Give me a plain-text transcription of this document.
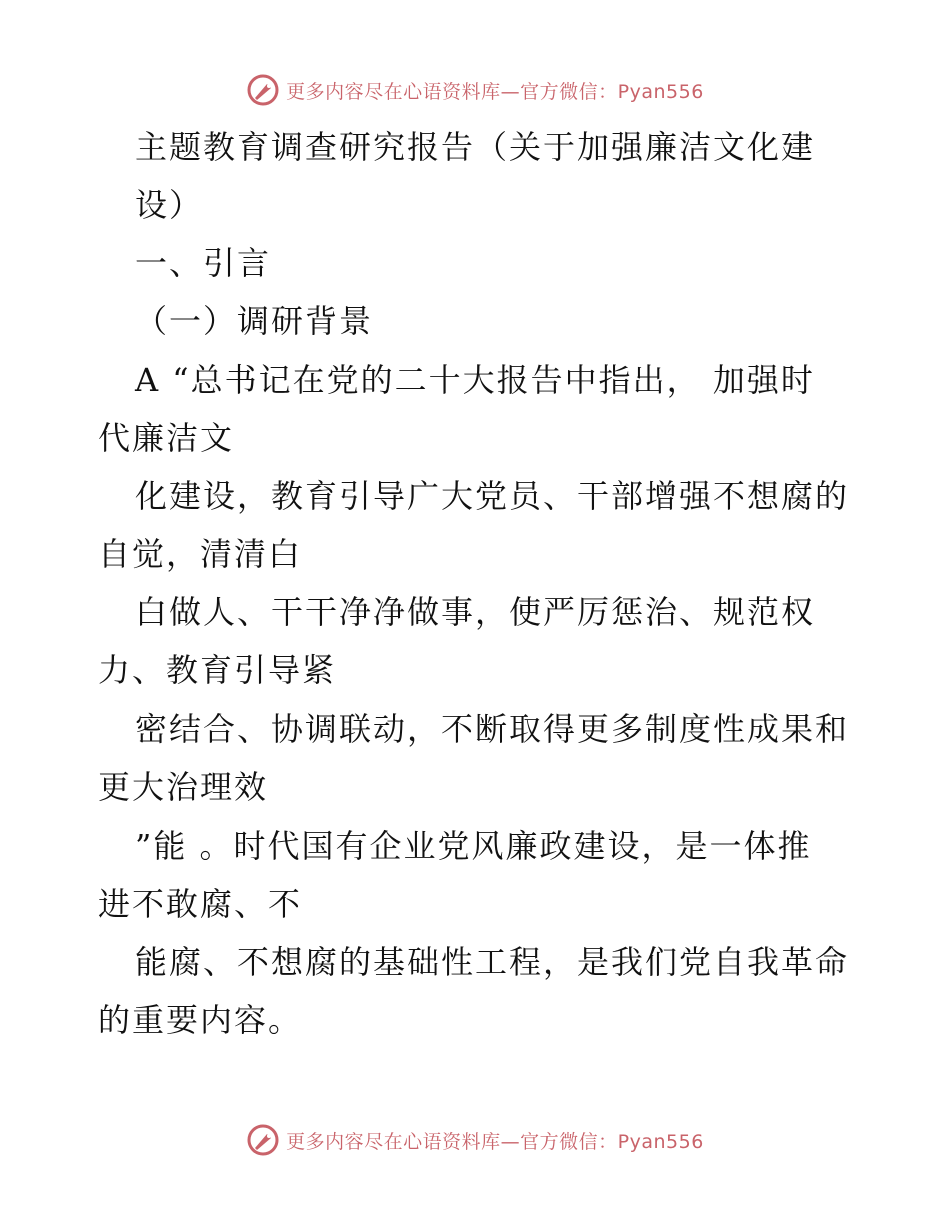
更多内容尽在心语资料库—官方微信：Pyan556
主题教育调查研究报告（关于加强廉洁文化建
设）
一、引言
（一）调研背景
A “总书记在党的二十大报告中指出， 加强时
代廉洁文
化建设，教育引导广大党员、干部增强不想腐的
自觉，清清白
白做人、干干净净做事，使严厉惩治、规范权
力、教育引导紧
密结合、协调联动，不断取得更多制度性成果和
更大治理效
”能 。时代国有企业党风廉政建设，是一体推
进不敢腐、不
能腐、不想腐的基础性工程，是我们党自我革命
的重要内容。
更多内容尽在心语资料库—官方微信：Pyan556
